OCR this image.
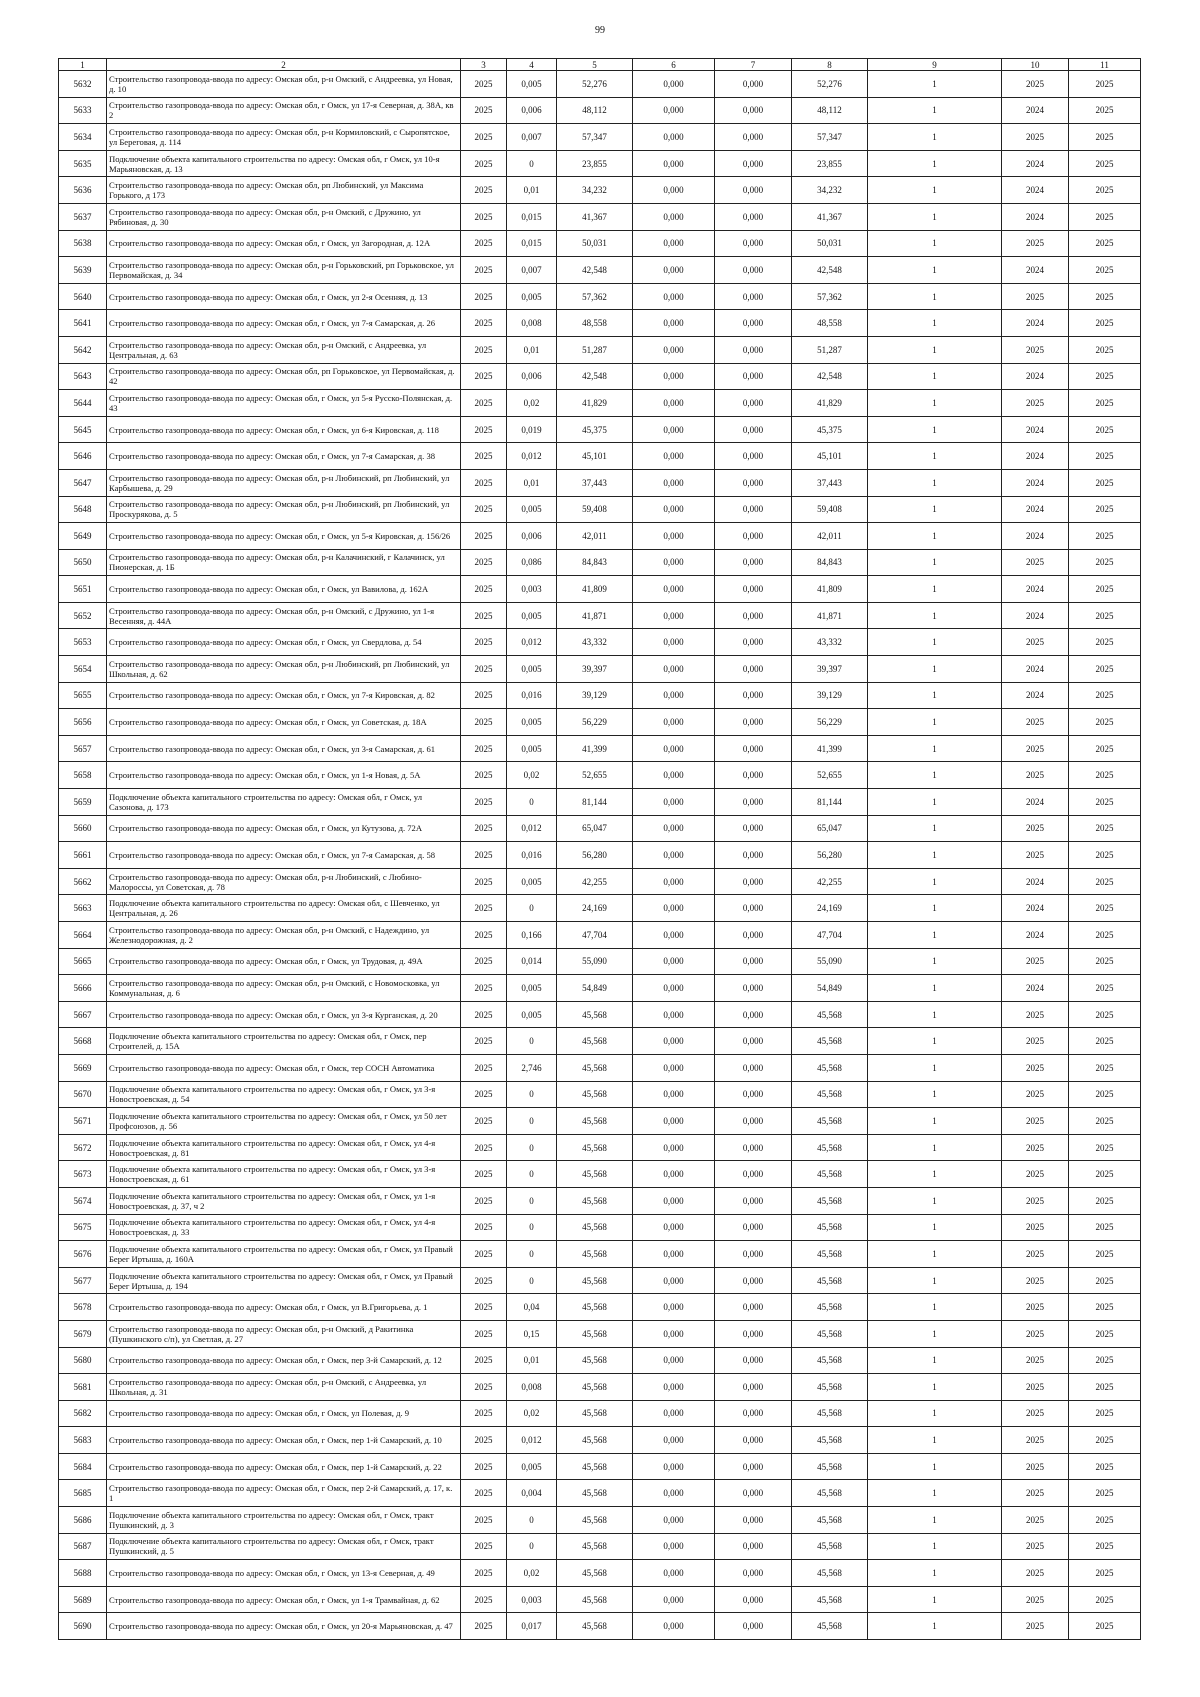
99
1	2	3	4	5	6	7	8	9	10	11
5632	Строительство газопровода-ввода по адресу: Омская обл, р-н Омский, с Андреевка, ул Новая, д. 10	2025	0,005	52,276	0,000	0,000	52,276	1	2025	2025
5633	Строительство газопровода-ввода по адресу: Омская обл, г Омск, ул 17-я Северная, д. 38А, кв 2	2025	0,006	48,112	0,000	0,000	48,112	1	2024	2025
5634	Строительство газопровода-ввода по адресу: Омская обл, р-н Кормиловский, с Сыропятское, ул Береговая, д. 114	2025	0,007	57,347	0,000	0,000	57,347	1	2025	2025
5635	Подключение объекта капитального строительства по адресу: Омская обл, г Омск, ул 10-я Марьяновская, д. 13	2025	0	23,855	0,000	0,000	23,855	1	2024	2025
5636	Строительство газопровода-ввода по адресу: Омская обл, рп Любинский, ул Максима Горького, д 173	2025	0,01	34,232	0,000	0,000	34,232	1	2024	2025
5637	Строительство газопровода-ввода по адресу: Омская обл, р-н Омский, с Дружино, ул Рябиновая, д. 30	2025	0,015	41,367	0,000	0,000	41,367	1	2024	2025
5638	Строительство газопровода-ввода по адресу: Омская обл, г Омск, ул Загородная, д. 12А	2025	0,015	50,031	0,000	0,000	50,031	1	2025	2025
5639	Строительство газопровода-ввода по адресу: Омская обл, р-н Горьковский, рп Горьковское, ул Первомайская, д. 34	2025	0,007	42,548	0,000	0,000	42,548	1	2024	2025
5640	Строительство газопровода-ввода по адресу: Омская обл, г Омск, ул 2-я Осенняя, д. 13	2025	0,005	57,362	0,000	0,000	57,362	1	2025	2025
5641	Строительство газопровода-ввода по адресу: Омская обл, г Омск, ул 7-я Самарская, д. 26	2025	0,008	48,558	0,000	0,000	48,558	1	2024	2025
5642	Строительство газопровода-ввода по адресу: Омская обл, р-н Омский, с Андреевка, ул Центральная, д. 63	2025	0,01	51,287	0,000	0,000	51,287	1	2025	2025
5643	Строительство газопровода-ввода по адресу: Омская обл, рп Горьковское, ул Первомайская, д. 42	2025	0,006	42,548	0,000	0,000	42,548	1	2024	2025
5644	Строительство газопровода-ввода по адресу: Омская обл, г Омск, ул 5-я Русско-Полянская, д. 43	2025	0,02	41,829	0,000	0,000	41,829	1	2025	2025
5645	Строительство газопровода-ввода по адресу: Омская обл, г Омск, ул 6-я Кировская, д. 118	2025	0,019	45,375	0,000	0,000	45,375	1	2024	2025
5646	Строительство газопровода-ввода по адресу: Омская обл, г Омск, ул 7-я Самарская, д. 38	2025	0,012	45,101	0,000	0,000	45,101	1	2024	2025
5647	Строительство газопровода-ввода по адресу: Омская обл, р-н Любинский, рп Любинский, ул Карбышева, д. 29	2025	0,01	37,443	0,000	0,000	37,443	1	2024	2025
5648	Строительство газопровода-ввода по адресу: Омская обл, р-н Любинский, рп Любинский, ул Проскурякова, д. 5	2025	0,005	59,408	0,000	0,000	59,408	1	2024	2025
5649	Строительство газопровода-ввода по адресу: Омская обл, г Омск, ул 5-я Кировская, д. 156/26	2025	0,006	42,011	0,000	0,000	42,011	1	2024	2025
5650	Строительство газопровода-ввода по адресу: Омская обл, р-н Калачинский, г Калачинск, ул Пионерская, д. 1Б	2025	0,086	84,843	0,000	0,000	84,843	1	2025	2025
5651	Строительство газопровода-ввода по адресу: Омская обл, г Омск, ул Вавилова, д. 162А	2025	0,003	41,809	0,000	0,000	41,809	1	2024	2025
5652	Строительство газопровода-ввода по адресу: Омская обл, р-н Омский, с Дружино, ул 1-я Весенняя, д. 44А	2025	0,005	41,871	0,000	0,000	41,871	1	2024	2025
5653	Строительство газопровода-ввода по адресу: Омская обл, г Омск, ул Свердлова, д. 54	2025	0,012	43,332	0,000	0,000	43,332	1	2025	2025
5654	Строительство газопровода-ввода по адресу: Омская обл, р-н Любинский, рп Любинский, ул Школьная, д. 62	2025	0,005	39,397	0,000	0,000	39,397	1	2024	2025
5655	Строительство газопровода-ввода по адресу: Омская обл, г Омск, ул 7-я Кировская, д. 82	2025	0,016	39,129	0,000	0,000	39,129	1	2024	2025
5656	Строительство газопровода-ввода по адресу: Омская обл, г Омск, ул Советская, д. 18А	2025	0,005	56,229	0,000	0,000	56,229	1	2025	2025
5657	Строительство газопровода-ввода по адресу: Омская обл, г Омск, ул 3-я Самарская, д. 61	2025	0,005	41,399	0,000	0,000	41,399	1	2025	2025
5658	Строительство газопровода-ввода по адресу: Омская обл, г Омск, ул 1-я Новая, д. 5А	2025	0,02	52,655	0,000	0,000	52,655	1	2025	2025
5659	Подключение объекта капитального строительства по адресу: Омская обл, г Омск, ул Сазонова, д. 173	2025	0	81,144	0,000	0,000	81,144	1	2024	2025
5660	Строительство газопровода-ввода по адресу: Омская обл, г Омск, ул Кутузова, д. 72А	2025	0,012	65,047	0,000	0,000	65,047	1	2025	2025
5661	Строительство газопровода-ввода по адресу: Омская обл, г Омск, ул 7-я Самарская, д. 58	2025	0,016	56,280	0,000	0,000	56,280	1	2025	2025
5662	Строительство газопровода-ввода по адресу: Омская обл, р-н Любинский, с Любино-Малороссы, ул Советская, д. 78	2025	0,005	42,255	0,000	0,000	42,255	1	2024	2025
5663	Подключение объекта капитального строительства по адресу: Омская обл, с Шевченко, ул Центральная, д. 26	2025	0	24,169	0,000	0,000	24,169	1	2024	2025
5664	Строительство газопровода-ввода по адресу: Омская обл, р-н Омский, с Надеждино, ул Железнодорожная, д. 2	2025	0,166	47,704	0,000	0,000	47,704	1	2024	2025
5665	Строительство газопровода-ввода по адресу: Омская обл, г Омск, ул Трудовая, д. 49А	2025	0,014	55,090	0,000	0,000	55,090	1	2025	2025
5666	Строительство газопровода-ввода по адресу: Омская обл, р-н Омский, с Новомосковка, ул Коммунальная, д. 6	2025	0,005	54,849	0,000	0,000	54,849	1	2024	2025
5667	Строительство газопровода-ввода по адресу: Омская обл, г Омск, ул 3-я Курганская, д. 20	2025	0,005	45,568	0,000	0,000	45,568	1	2025	2025
5668	Подключение объекта капитального строительства по адресу: Омская обл, г Омск, пер Строителей, д. 15А	2025	0	45,568	0,000	0,000	45,568	1	2025	2025
5669	Строительство газопровода-ввода по адресу: Омская обл, г Омск, тер СОСН Автоматика	2025	2,746	45,568	0,000	0,000	45,568	1	2025	2025
5670	Подключение объекта капитального строительства по адресу: Омская обл, г Омск, ул 3-я Новостроевская, д. 54	2025	0	45,568	0,000	0,000	45,568	1	2025	2025
5671	Подключение объекта капитального строительства по адресу: Омская обл, г Омск, ул 50 лет Профсоюзов, д. 56	2025	0	45,568	0,000	0,000	45,568	1	2025	2025
5672	Подключение объекта капитального строительства по адресу: Омская обл, г Омск, ул 4-я Новостроевская, д. 81	2025	0	45,568	0,000	0,000	45,568	1	2025	2025
5673	Подключение объекта капитального строительства по адресу: Омская обл, г Омск, ул 3-я Новостроевская, д. 61	2025	0	45,568	0,000	0,000	45,568	1	2025	2025
5674	Подключение объекта капитального строительства по адресу: Омская обл, г Омск, ул 1-я Новостроевская, д. 37, ч 2	2025	0	45,568	0,000	0,000	45,568	1	2025	2025
5675	Подключение объекта капитального строительства по адресу: Омская обл, г Омск, ул 4-я Новостроевская, д. 33	2025	0	45,568	0,000	0,000	45,568	1	2025	2025
5676	Подключение объекта капитального строительства по адресу: Омская обл, г Омск, ул Правый Берег Иртыша, д. 160А	2025	0	45,568	0,000	0,000	45,568	1	2025	2025
5677	Подключение объекта капитального строительства по адресу: Омская обл, г Омск, ул Правый Берег Иртыша, д. 194	2025	0	45,568	0,000	0,000	45,568	1	2025	2025
5678	Строительство газопровода-ввода по адресу: Омская обл, г Омск, ул В.Григорьева, д. 1	2025	0,04	45,568	0,000	0,000	45,568	1	2025	2025
5679	Строительство газопровода-ввода по адресу: Омская обл, р-н Омский, д Ракитинка (Пушкинского с/п), ул Светлая, д. 27	2025	0,15	45,568	0,000	0,000	45,568	1	2025	2025
5680	Строительство газопровода-ввода по адресу: Омская обл, г Омск, пер 3-й Самарский, д. 12	2025	0,01	45,568	0,000	0,000	45,568	1	2025	2025
5681	Строительство газопровода-ввода по адресу: Омская обл, р-н Омский, с Андреевка, ул Школьная, д. 31	2025	0,008	45,568	0,000	0,000	45,568	1	2025	2025
5682	Строительство газопровода-ввода по адресу: Омская обл, г Омск, ул Полевая, д. 9	2025	0,02	45,568	0,000	0,000	45,568	1	2025	2025
5683	Строительство газопровода-ввода по адресу: Омская обл, г Омск, пер 1-й Самарский, д. 10	2025	0,012	45,568	0,000	0,000	45,568	1	2025	2025
5684	Строительство газопровода-ввода по адресу: Омская обл, г Омск, пер 1-й Самарский, д. 22	2025	0,005	45,568	0,000	0,000	45,568	1	2025	2025
5685	Строительство газопровода-ввода по адресу: Омская обл, г Омск, пер 2-й Самарский, д. 17, к. 1	2025	0,004	45,568	0,000	0,000	45,568	1	2025	2025
5686	Подключение объекта капитального строительства по адресу: Омская обл, г Омск, тракт Пушкинский, д. 3	2025	0	45,568	0,000	0,000	45,568	1	2025	2025
5687	Подключение объекта капитального строительства по адресу: Омская обл, г Омск, тракт Пушкинский, д. 5	2025	0	45,568	0,000	0,000	45,568	1	2025	2025
5688	Строительство газопровода-ввода по адресу: Омская обл, г Омск, ул 13-я Северная, д. 49	2025	0,02	45,568	0,000	0,000	45,568	1	2025	2025
5689	Строительство газопровода-ввода по адресу: Омская обл, г Омск, ул 1-я Трамвайная, д. 62	2025	0,003	45,568	0,000	0,000	45,568	1	2025	2025
5690	Строительство газопровода-ввода по адресу: Омская обл, г Омск, ул 20-я Марьяновская, д. 47	2025	0,017	45,568	0,000	0,000	45,568	1	2025	2025
